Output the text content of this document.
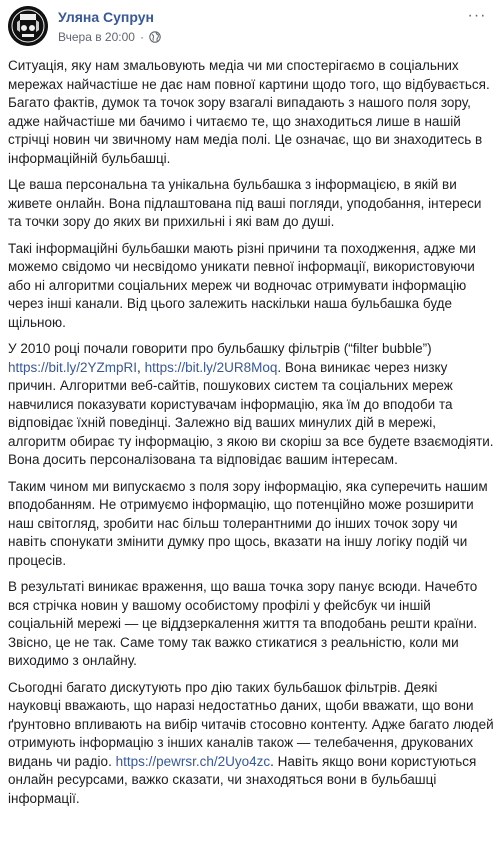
Уляна Супрун
Вчера в 20:00 ·
···

Ситуація, яку нам змальовують медіа чи ми спостерігаємо в соціальних мережах найчастіше не дає нам повної картини щодо того, що відбувається. Багато фактів, думок та точок зору взагалі випадають з нашого поля зору, адже найчастіше ми бачимо і читаємо те, що знаходиться лише в нашій стрічці новин чи звичному нам медіа полі. Це означає, що ви знаходитесь в інформаційній бульбашці.

Це ваша персональна та унікальна бульбашка з інформацією, в якій ви живете онлайн. Вона підлаштована під ваші погляди, уподобання, інтереси та точки зору до яких ви прихильні і які вам до душі.

Такі інформаційні бульбашки мають різні причини та походження, адже ми можемо свідомо чи несвідомо уникати певної інформації, використовуючи або ні алгоритми соціальних мереж чи водночас отримувати інформацію через інші канали. Від цього залежить наскільки наша бульбашка буде щільною.

У 2010 році почали говорити про бульбашку фільтрів (“filter bubble”) https://bit.ly/2YZmpRI, https://bit.ly/2UR8Moq. Вона виникає через низку причин. Алгоритми веб-сайтів, пошукових систем та соціальних мереж навчилися показувати користувачам інформацію, яка їм до вподоби та відповідає їхній поведінці. Залежно від ваших минулих дій в мережі, алгоритм обирає ту інформацію, з якою ви скоріш за все будете взаємодіяти. Вона досить персоналізована та відповідає вашим інтересам.

Таким чином ми випускаємо з поля зору інформацію, яка суперечить нашим вподобанням. Не отримуємо інформацію, що потенційно може розширити наш світогляд, зробити нас більш толерантними до інших точок зору чи навіть спонукати змінити думку про щось, вказати на іншу логіку подій чи процесів.

В результаті виникає враження, що ваша точка зору панує всюди. Начебто вся стрічка новин у вашому особистому профілі у фейсбук чи іншій соціальній мережі — це віддзеркалення життя та вподобань решти країни. Звісно, це не так. Саме тому так важко стикатися з реальністю, коли ми виходимо з онлайну.

Сьогодні багато дискутують про дію таких бульбашок фільтрів. Деякі науковці вважають, що наразі недостатньо даних, щоби вважати, що вони ґрунтовно впливають на вибір читачів стосовно контенту. Адже багато людей отримують інформацію з інших каналів також — телебачення, друкованих видань чи радіо. https://pewrsr.ch/2Uyo4zc. Навіть якщо вони користуються онлайн ресурсами, важко сказати, чи знаходяться вони в бульбашці інформації.
